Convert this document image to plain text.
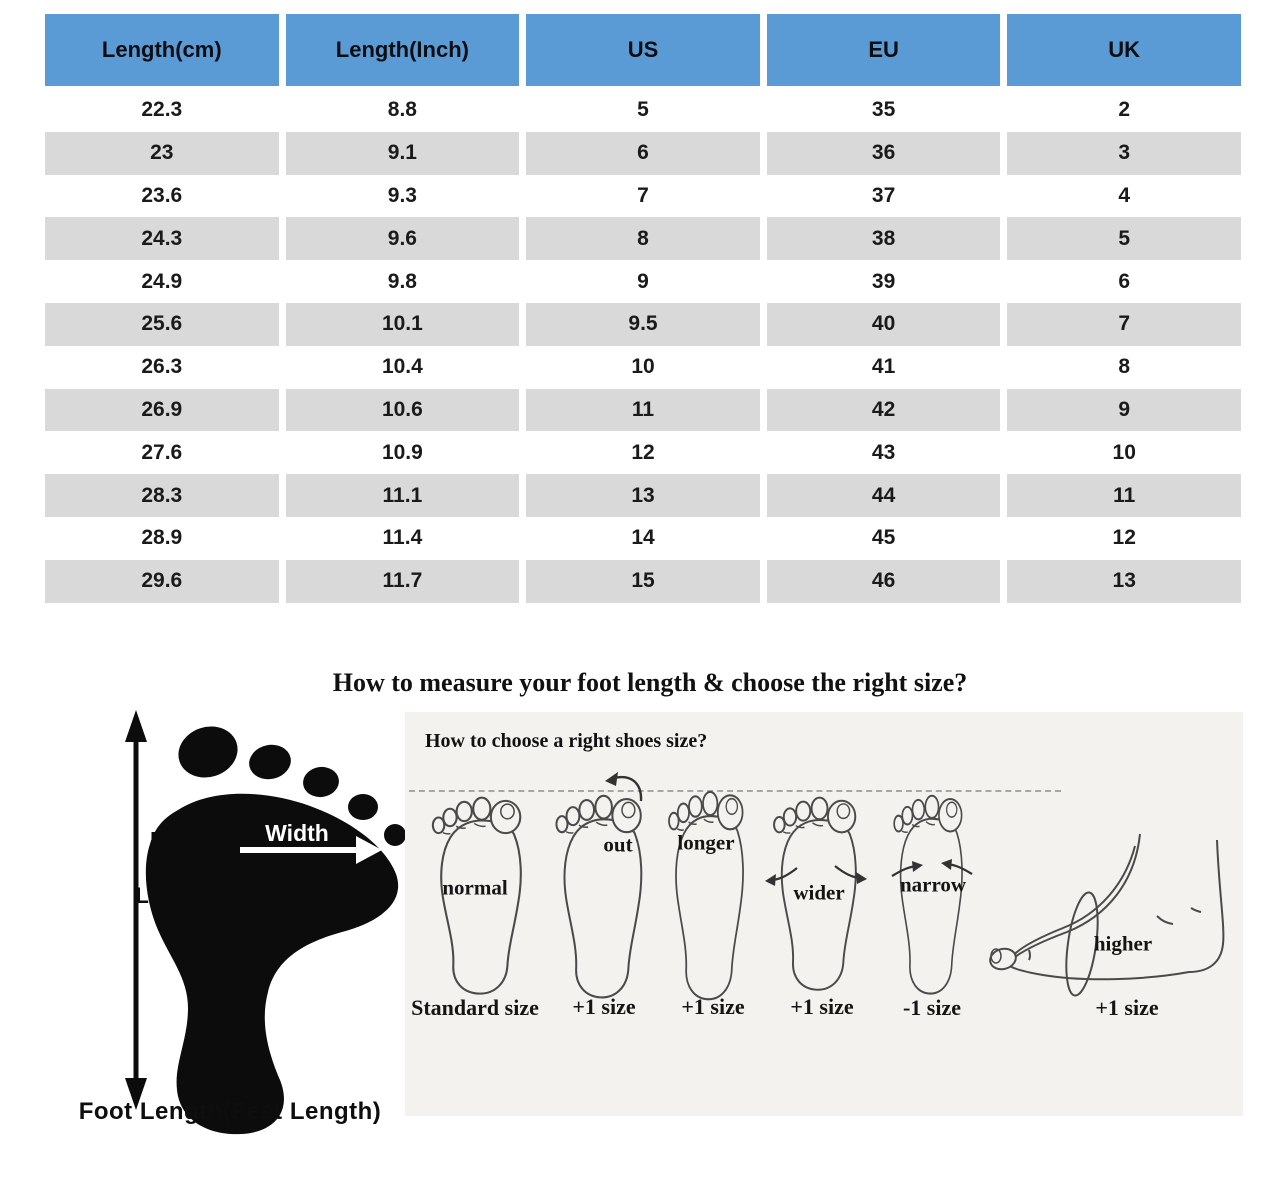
Length(cm)	Length(Inch)	US	EU	UK
22.3	8.8	5	35	2
23	9.1	6	36	3
23.6	9.3	7	37	4
24.3	9.6	8	38	5
24.9	9.8	9	39	6
25.6	10.1	9.5	40	7
26.3	10.4	10	41	8
26.9	10.6	11	42	9
27.6	10.9	12	43	10
28.3	11.1	13	44	11
28.9	11.4	14	45	12
29.6	11.7	15	46	13
How to measure your foot length & choose the right size?
Width
Length
Foot Length(Feet Length)
How to choose a right shoes size?
normal
out longer
wider	narrow
higher
Standard size +1 size +1 size +1 size -1 size	+1 size
